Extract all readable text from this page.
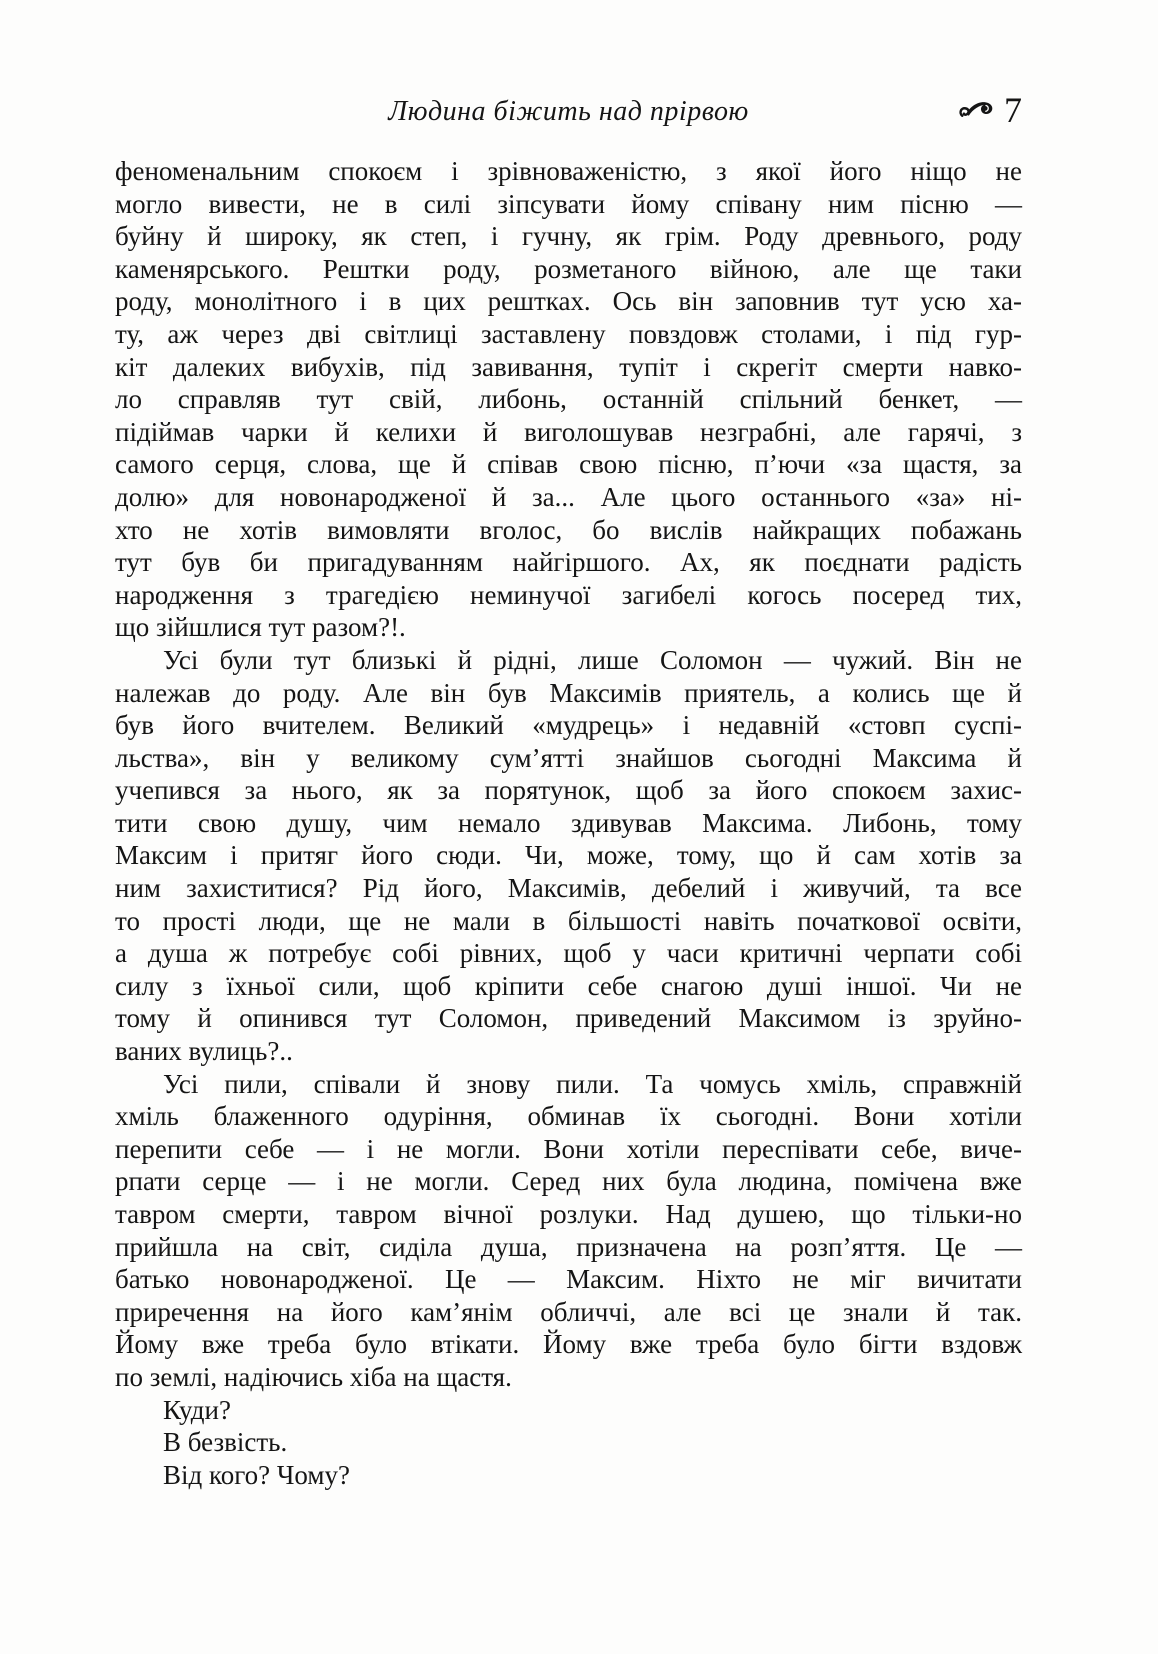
Людина біжить над прірвою	7

феноменальним спокоєм і зрівноваженістю, з якої його ніщо не
могло вивести, не в силі зіпсувати йому співану ним пісню —
буйну й широку, як степ, і гучну, як грім. Роду древнього, роду
каменярського. Рештки роду, розметаного війною, але ще таки
роду, монолітного і в цих рештках. Ось він заповнив тут усю ха-
ту, аж через дві світлиці заставлену повздовж столами, і під гур-
кіт далеких вибухів, під завивання, тупіт і скрегіт смерти навко-
ло справляв тут свій, либонь, останній спільний бенкет, —
підіймав чарки й келихи й виголошував незграбні, але гарячі, з
самого серця, слова, ще й співав свою пісню, п’ючи «за щастя, за
долю» для новонародженої й за... Але цього останнього «за» ні-
хто не хотів вимовляти вголос, бо вислів найкращих побажань
тут був би пригадуванням найгіршого. Ах, як поєднати радість
народження з трагедією неминучої загибелі когось посеред тих,
що зійшлися тут разом?!.

Усі були тут близькі й рідні, лише Соломон — чужий. Він не
належав до роду. Але він був Максимів приятель, а колись ще й
був його вчителем. Великий «мудрець» і недавній «стовп суспі-
льства», він у великому сум’ятті знайшов сьогодні Максима й
учепився за нього, як за порятунок, щоб за його спокоєм захис-
тити свою душу, чим немало здивував Максима. Либонь, тому
Максим і притяг його сюди. Чи, може, тому, що й сам хотів за
ним захиститися? Рід його, Максимів, дебелий і живучий, та все
то прості люди, ще не мали в більшості навіть початкової освіти,
а душа ж потребує собі рівних, щоб у часи критичні черпати собі
силу з їхньої сили, щоб кріпити себе снагою душі іншої. Чи не
тому й опинився тут Соломон, приведений Максимом із зруйно-
ваних вулиць?..

Усі пили, співали й знову пили. Та чомусь хміль, справжній
хміль блаженного одуріння, обминав їх сьогодні. Вони хотіли
перепити себе — і не могли. Вони хотіли переспівати себе, виче-
рпати серце — і не могли. Серед них була людина, помічена вже
тавром смерти, тавром вічної розлуки. Над душею, що тільки-но
прийшла на світ, сиділа душа, призначена на розп’яття. Це —
батько новонародженої. Це — Максим. Ніхто не міг вичитати
приречення на його кам’янім обличчі, але всі це знали й так.
Йому вже треба було втікати. Йому вже треба було бігти вздовж
по землі, надіючись хіба на щастя.

Куди?

В безвість.

Від кого? Чому?
